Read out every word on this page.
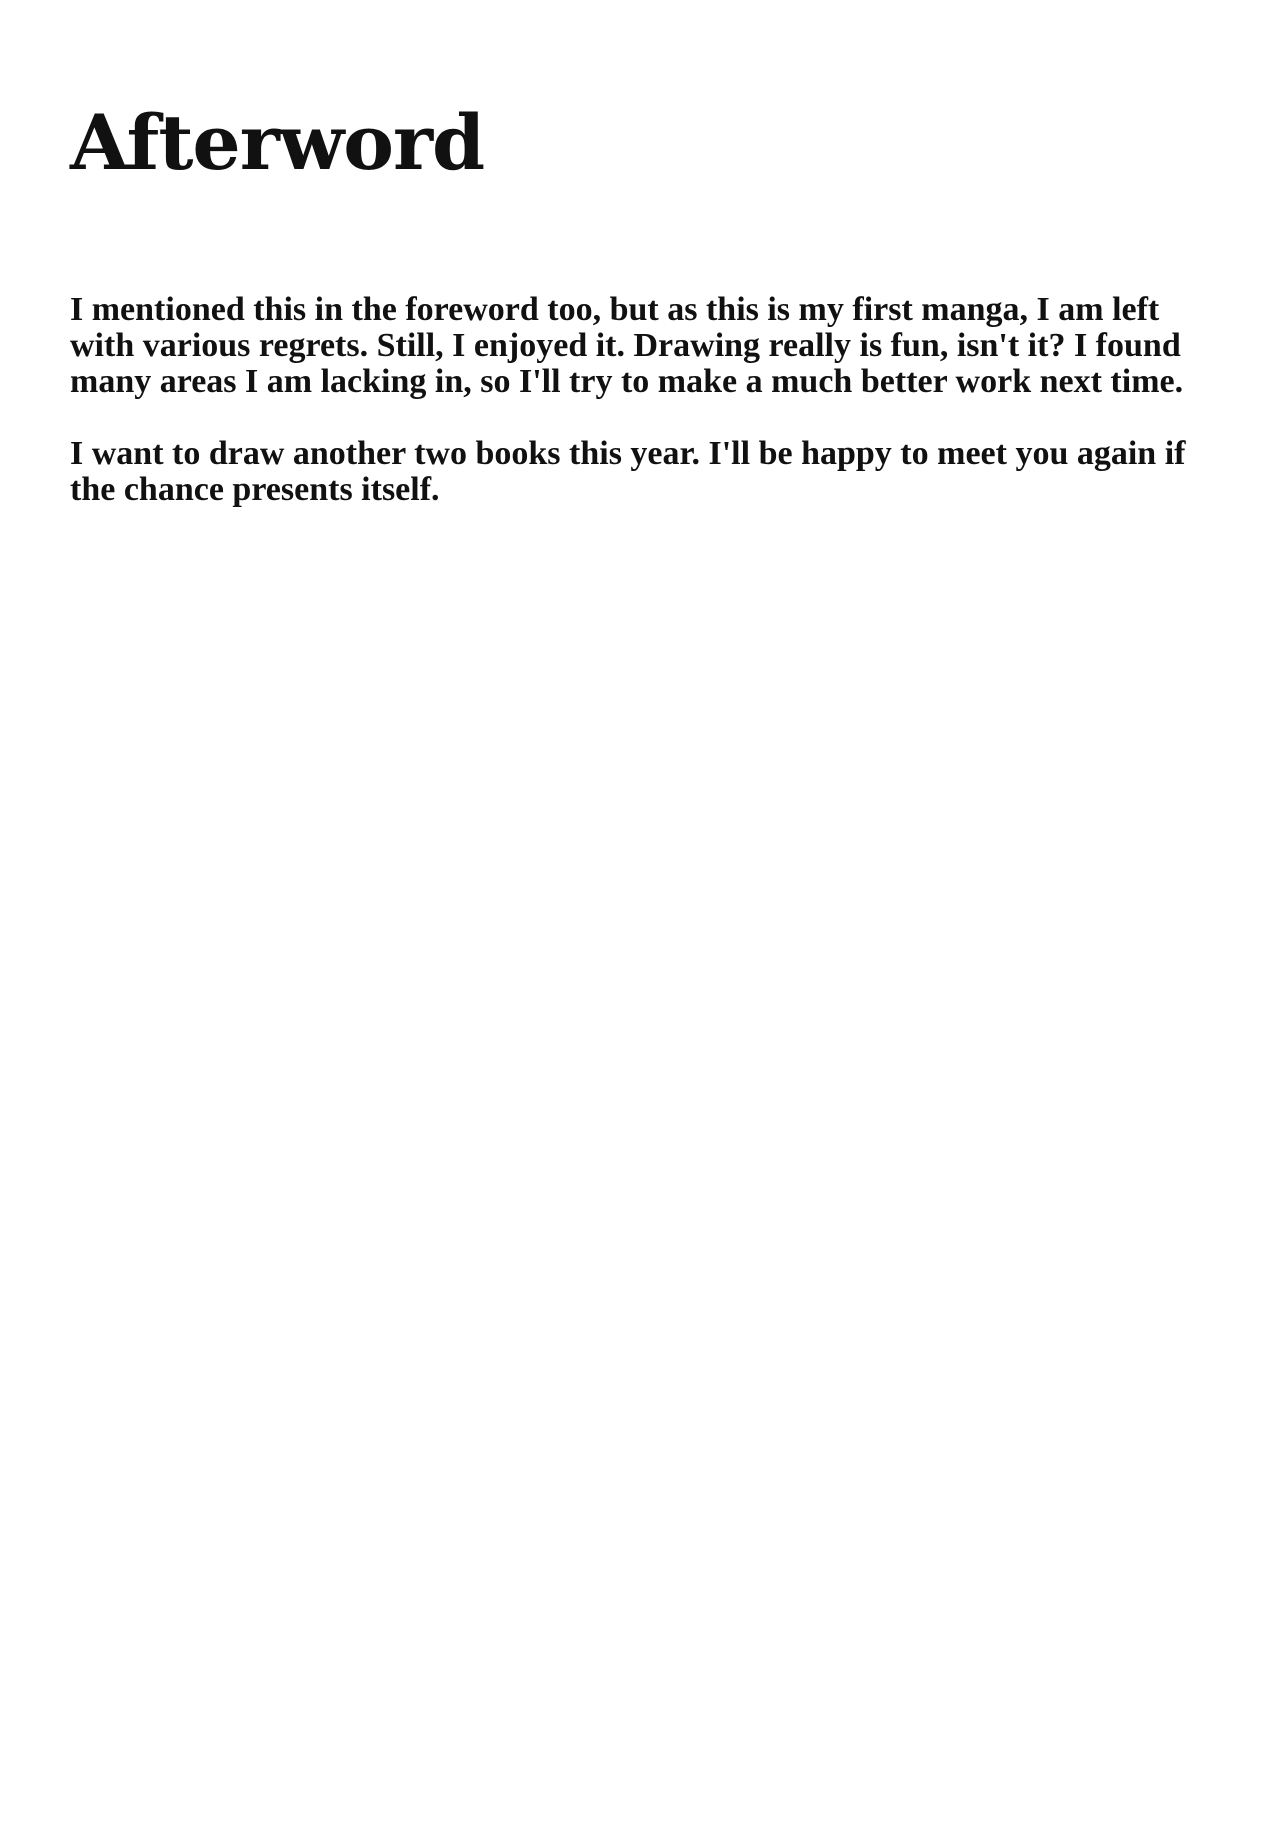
Afterword

I mentioned this in the foreword too, but as this is my first manga, I am left with various regrets. Still, I enjoyed it. Drawing really is fun, isn't it? I found many areas I am lacking in, so I'll try to make a much better work next time.

I want to draw another two books this year. I'll be happy to meet you again if the chance presents itself.
